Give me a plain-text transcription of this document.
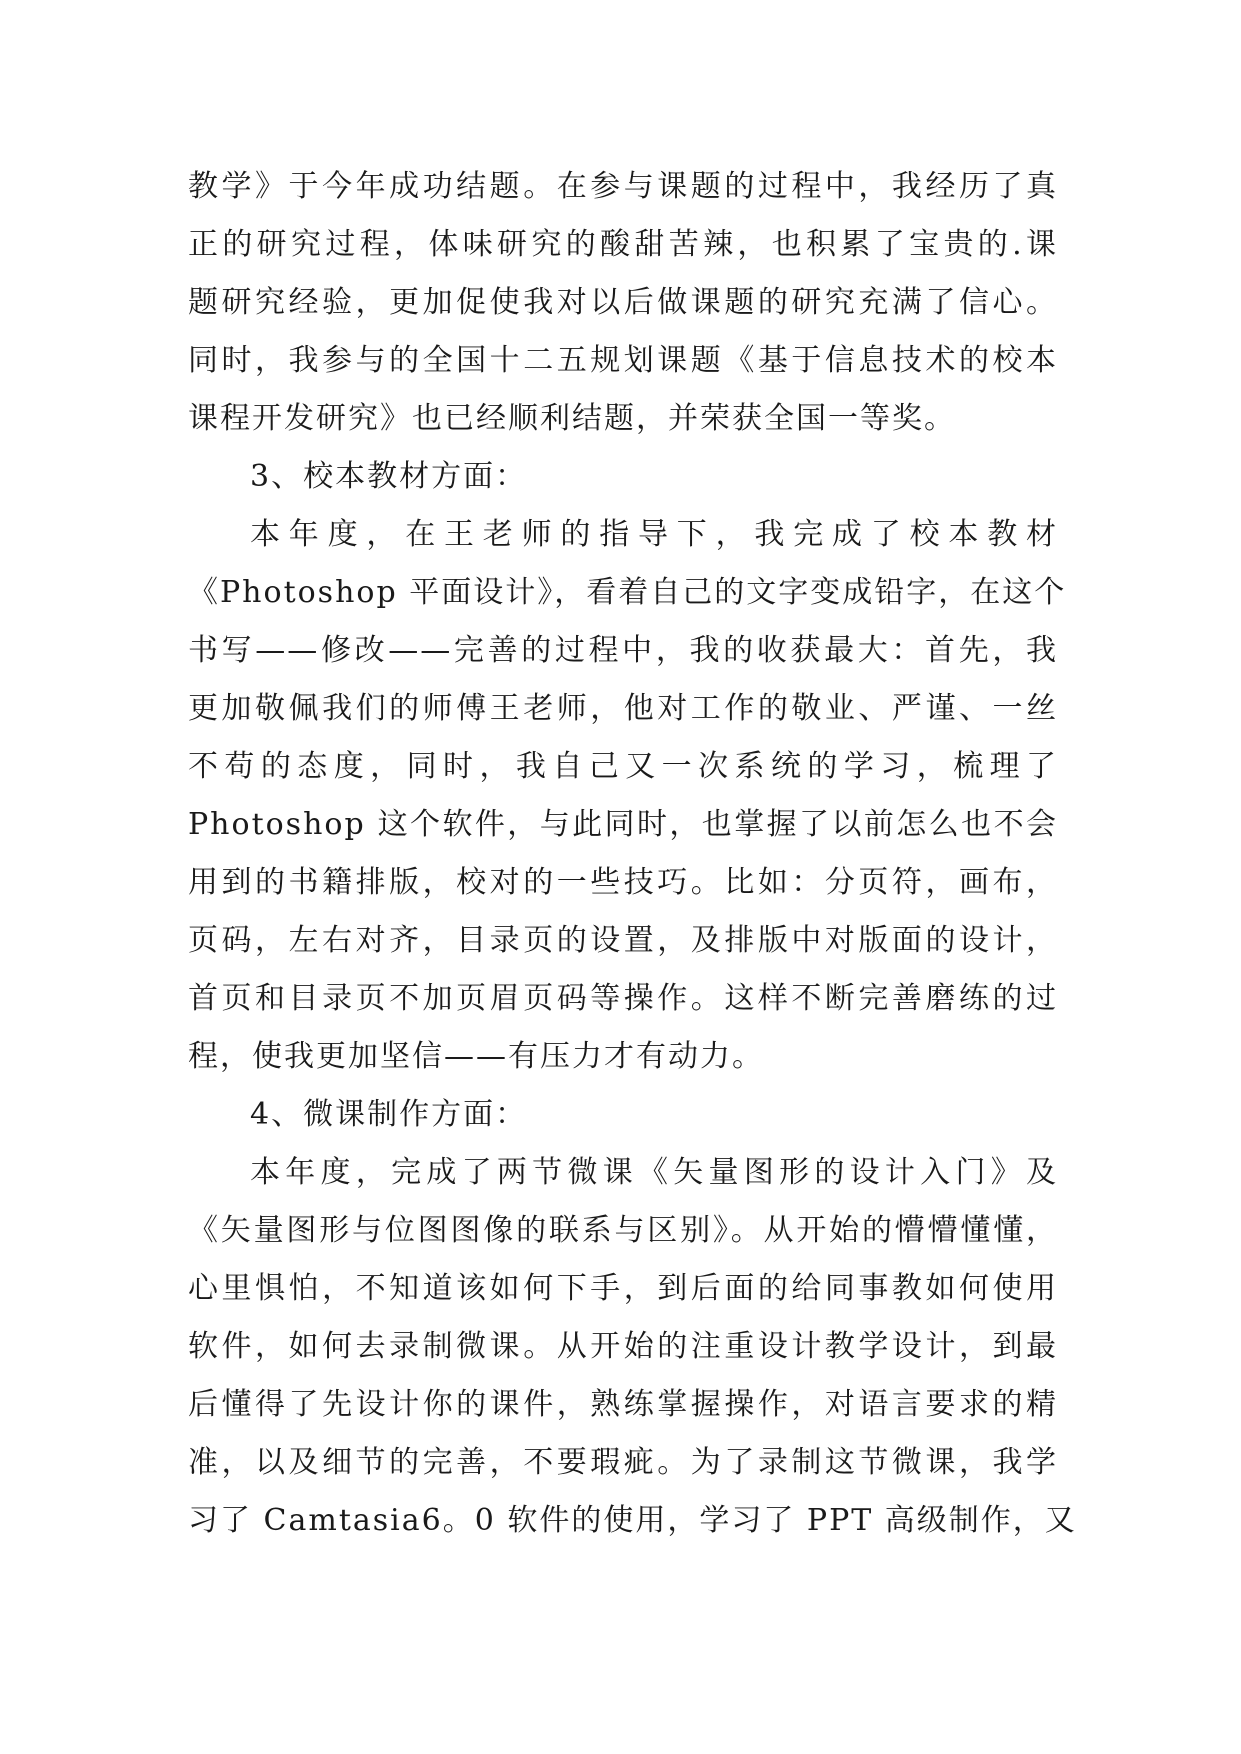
教学》于今年成功结题。在参与课题的过程中，我经历了真
正的研究过程，体味研究的酸甜苦辣，也积累了宝贵的.课
题研究经验，更加促使我对以后做课题的研究充满了信心。
同时，我参与的全国十二五规划课题《基于信息技术的校本
课程开发研究》也已经顺利结题，并荣获全国一等奖。
3、校本教材方面：
本年度，在王老师的指导下，我完成了校本教材
《Photoshop 平面设计》，看着自己的文字变成铅字，在这个
书写——修改——完善的过程中，我的收获最大：首先，我
更加敬佩我们的师傅王老师，他对工作的敬业、严谨、一丝
不苟的态度，同时，我自己又一次系统的学习，梳理了
Photoshop 这个软件，与此同时，也掌握了以前怎么也不会
用到的书籍排版，校对的一些技巧。比如：分页符，画布，
页码，左右对齐，目录页的设置，及排版中对版面的设计，
首页和目录页不加页眉页码等操作。这样不断完善磨练的过
程，使我更加坚信——有压力才有动力。
4、微课制作方面：
本年度，完成了两节微课《矢量图形的设计入门》及
《矢量图形与位图图像的联系与区别》。从开始的懵懵懂懂，
心里惧怕，不知道该如何下手，到后面的给同事教如何使用
软件，如何去录制微课。从开始的注重设计教学设计，到最
后懂得了先设计你的课件，熟练掌握操作，对语言要求的精
准，以及细节的完善，不要瑕疵。为了录制这节微课，我学
习了 Camtasia6。0 软件的使用，学习了 PPT 高级制作，又
